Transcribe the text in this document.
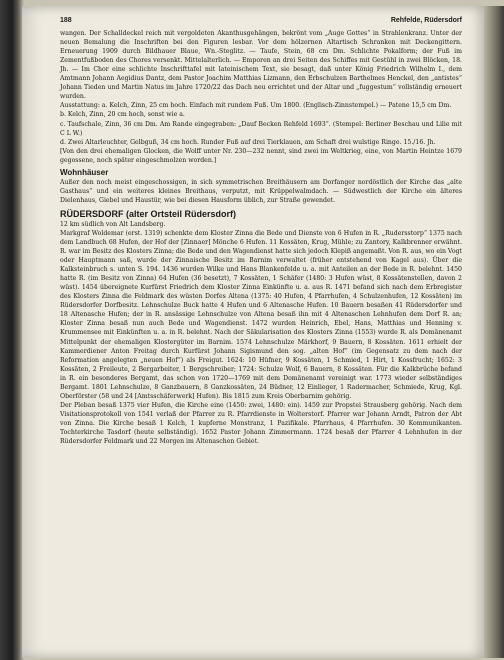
188	Rehfelde, Rüdersdorf

wangen. Der Schalldeckel reich mit vergoldeten Akanthusgehängen, bekrönt vom „Auge Gottes“ in Strahlenkranz. Unter der neuen Bemalung die Inschriften bei den Figuren lesbar. Vor dem hölzernen Altartisch Schranken mit Deckengittern. Erneuerung 1909 durch Bildhauer Blaue, Wn.-Steglitz. — Taufe, Stein, 68 cm Dm. Schlichte Pokalform; der Fuß im Zementfußboden des Chores versenkt. Mittelalterlich. — Emporen an drei Seiten des Schiffes mit Gestühl in zwei Blöcken, 18. Jh. — Im Chor eine schlichte Inschrifttafel mit lateinischem Text, sie besagt, daß unter König Friedrich Wilhelm I., dem Amtmann Johann Aegidius Dantz, dem Pastor Joachim Matthias Lizmann, den Erbschulzen Barthelmes Henckel, den „antistes“ Johann Tieden und Martin Natus im Jahre 1720/22 das Dach neu errichtet und der Altar und „fuggestum“ vollständig erneuert wurden.

Ausstattung: a. Kelch, Zinn, 25 cm hoch. Einfach mit rundem Fuß. Um 1800. (Englisch-Zinnstempel.) — Patene 15,5 cm Dm.

b. Kelch, Zinn, 20 cm hoch, sonst wie a.

c. Taufschale, Zinn, 36 cm Dm. Am Rande eingegraben: „Dauf Becken Rehfeld 1693“. (Stempel: Berliner Beschau und Lilie mit C L W.)

d. Zwei Altarleuchter, Gelbguß, 34 cm hoch. Runder Fuß auf drei Tierklauen, am Schaft drei wulstige Ringe. 15./16. Jh.

[Von den drei ehemaligen Glocken, die Wolff unter Nr. 230—232 nennt, sind zwei im Weltkrieg, eine, von Martin Heintze 1679 gegossene, noch später eingeschmolzen worden.]

Wohnhäuser

Außer den noch meist eingeschossigen, in sich symmetrischen Breithäusern am Dorfanger nordöstlich der Kirche das „alte Gasthaus“ und ein weiteres kleines Breithaus, verputzt, mit Krüppelwalmdach. — Südwestlich der Kirche ein älteres Dielenhaus, Giebel und Haustür, wie bei diesen Hausform üblich, zur Straße gewendet.

RÜDERSDORF (alter Ortsteil Rüdersdorf)

12 km südlich von Alt Landsberg.

Markgraf Woldemar (erst. 1319) schenkte dem Kloster Zinna die Bede und Dienste von 6 Hufen in R. „Rudersstorp“ 1375 nach dem Landbuch 68 Hufen, der Hof der [Zinnaer] Mönche 6 Hufen. 11 Kossäten, Krug, Mühle; zu Zantory, Kalkbrenner erwähnt. R. war im Besitz des Klosters Zinna; die Bede und den Wagendienst hatte sich jedoch Klepiß angemaßt. Von R. aus, wo ein Vogt oder Hauptmann saß, wurde der Zinnaische Besitz im Barnim verwaltet (früher entstehend von Kagel aus). Über die Kalksteinbruch s. unten S. 194. 1436 wurden Wilke und Hans Blankenfelde u. a. mit Anteilen an der Bede in R. belehnt. 1450 hatte R. (im Besitz von Zinna) 64 Hufen (36 besetzt), 7 Kossäten, 1 Schäfer (1480: 3 Hufen wüst, 8 Kossätenstellen, davon 2 wüst). 1454 übereignete Kurfürst Friedrich dem Kloster Zinna Einkünfte u. a. aus R. 1471 befand sich nach dem Erbregister des Klosters Zinna die Feldmark des wüsten Dorfes Altena (1375: 40 Hufen, 4 Pfarrhufen, 4 Schulzenhufen, 12 Kossäten) im Rüdersdorfer Dorfbesitz. Lehnschulze Buck hatte 4 Hufen und 6 Altenasche Hufen. 10 Bauern besaßen 41 Rüdersdorfer und 18 Altenasche Hufen; der in R. ansässige Lehnschulze von Altena besaß ihn mit 4 Altenaschen Lehnhufen dem Dorf R. an; Kloster Zinna besaß nun auch Bede und Wagendienst. 1472 wurden Heinrich, Ebel, Hans, Matthias und Henning v. Krummensee mit Einkünften u. a. in R. belehnt. Nach der Säkularisation des Klosters Zinna (1553) wurde R. als Domänenamt Mittelpunkt der ehemaligen Klostergüter im Barnim. 1574 Lehnschulze Märkhorf, 9 Bauern, 8 Kossäten. 1611 erhielt der Kammerdiener Anton Freitag durch Kurfürst Johann Sigismund den sog. „alten Hof“ (im Gegensatz zu dem nach der Reformation angelegten „neuen Hof“) als Freigut. 1624: 10 Hüfner, 9 Kossäten, 1 Schmied, 1 Hirt, 1 Kossfrucht; 1652: 3 Kossäten, 2 Freileute, 2 Bergarbeiter, 1 Bergschreiber; 1724: Schulze Wolf, 6 Bauern, 8 Kossäten. Für die Kalkbrüche befand in R. ein besonderes Bergamt, das schon von 1720—1769 mit dem Domänenamt vereinigt war. 1773 wieder selbständiges Bergamt. 1801 Lehnschulze, 8 Ganzbauern, 8 Ganzkossäten, 24 Büdner, 12 Einlieger, 1 Radermacher, Schmiede, Krug, Kgl. Oberförster (58 und 24 [Amtsschäferwerk] Hufen). Bis 1815 zum Kreis Oberbarnim gehörig.

Der Pleban besaß 1375 vier Hufen, die Kirche eine (1450: zwei, 1480: ein). 1459 zur Propstei Strausberg gehörig. Nach dem Visitationsprotokoll von 1541 verlaß der Pfarrer zu R. Pfarrdienste in Wolterstorf. Pfarrer war Johann Arndt, Patron der Abt von Zinna. Die Kirche besaß 1 Kelch, 1 kupferne Monstranz, 1 Pazifikale. Pfarrhaus, 4 Pfarrhufen. 30 Kommunikanten. Tochterkirche Tasdorf (heute selbständig). 1652 Pastor Johann Zimmermann. 1724 besaß der Pfarrer 4 Lehnhufen in der Rüdersdorfer Feldmark und 22 Morgen im Altenaschen Gebiet.
